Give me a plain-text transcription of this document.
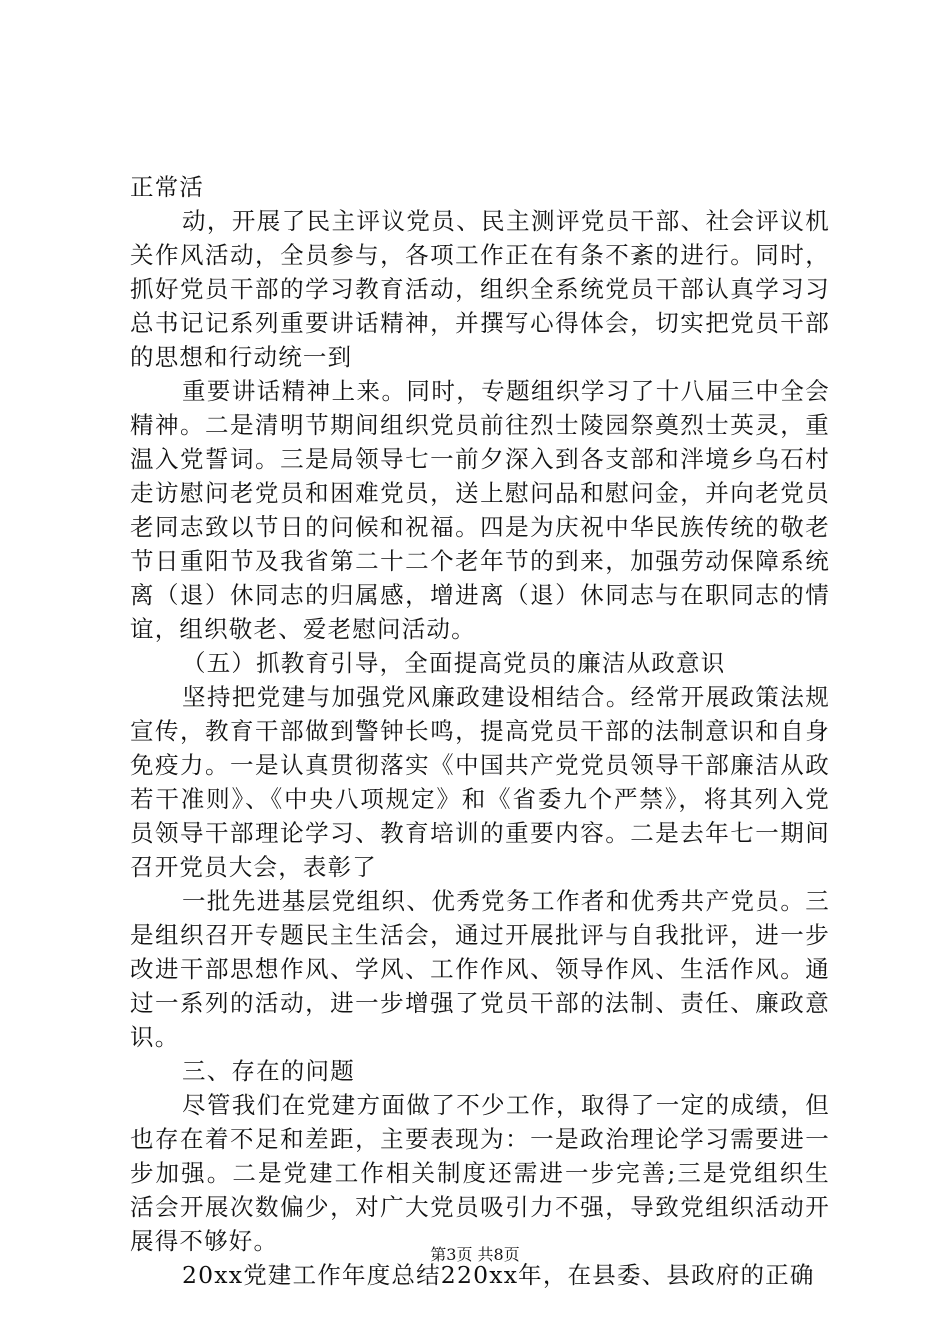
正常活

动，开展了民主评议党员、民主测评党员干部、社会评议机关作风活动，全员参与，各项工作正在有条不紊的进行。同时，抓好党员干部的学习教育活动，组织全系统党员干部认真学习习总书记记系列重要讲话精神，并撰写心得体会，切实把党员干部的思想和行动统一到

重要讲话精神上来。同时，专题组织学习了十八届三中全会精神。二是清明节期间组织党员前往烈士陵园祭奠烈士英灵，重温入党誓词。三是局领导七一前夕深入到各支部和泮境乡乌石村走访慰问老党员和困难党员，送上慰问品和慰问金，并向老党员老同志致以节日的问候和祝福。四是为庆祝中华民族传统的敬老节日重阳节及我省第二十二个老年节的到来，加强劳动保障系统离（退）休同志的归属感，增进离（退）休同志与在职同志的情谊，组织敬老、爱老慰问活动。

（五）抓教育引导，全面提高党员的廉洁从政意识

坚持把党建与加强党风廉政建设相结合。经常开展政策法规宣传，教育干部做到警钟长鸣，提高党员干部的法制意识和自身免疫力。一是认真贯彻落实《中国共产党党员领导干部廉洁从政若干准则》、《中央八项规定》和《省委九个严禁》，将其列入党员领导干部理论学习、教育培训的重要内容。二是去年七一期间召开党员大会，表彰了

一批先进基层党组织、优秀党务工作者和优秀共产党员。三是组织召开专题民主生活会，通过开展批评与自我批评，进一步改进干部思想作风、学风、工作作风、领导作风、生活作风。通过一系列的活动，进一步增强了党员干部的法制、责任、廉政意识。

三、存在的问题

尽管我们在党建方面做了不少工作，取得了一定的成绩，但也存在着不足和差距，主要表现为：一是政治理论学习需要进一步加强。二是党建工作相关制度还需进一步完善;三是党组织生活会开展次数偏少，对广大党员吸引力不强，导致党组织活动开展得不够好。

20xx党建工作年度总结220xx年，在县委、县政府的正确

第3页 共8页
